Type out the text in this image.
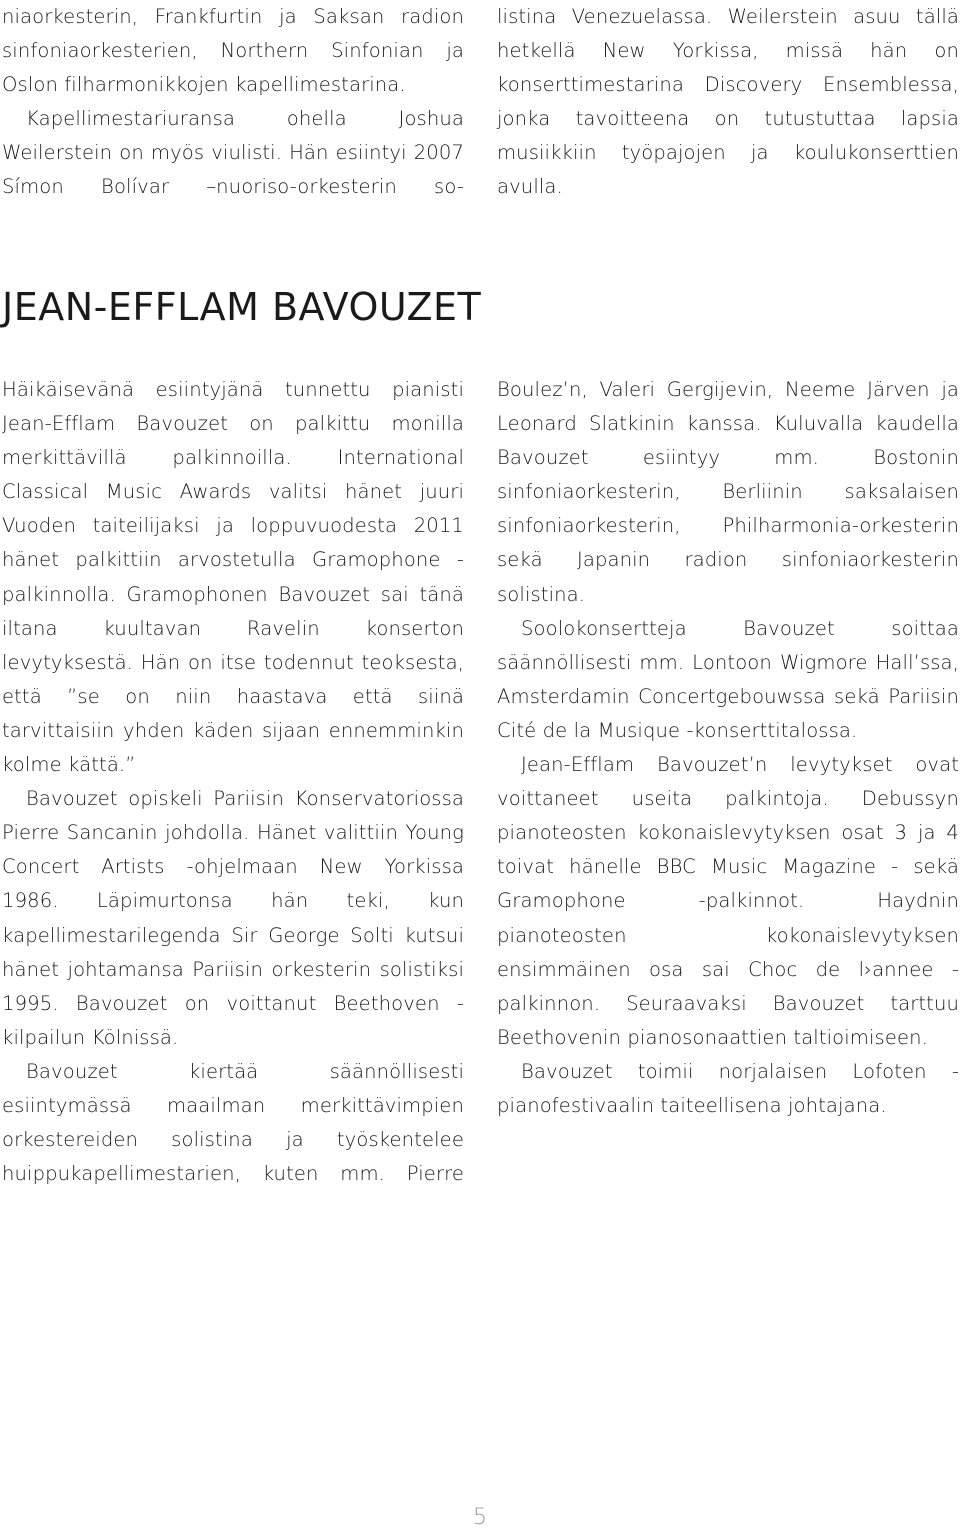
niaorkesterin, Frankfurtin ja Saksan radion sinfoniaorkesterien, Northern Sinfonian ja Oslon filharmonikkojen kapellimestarina.

Kapellimestariuransa ohella Joshua Weilerstein on myös viulisti. Hän esiintyi 2007 Símon Bolívar –nuoriso-orkesterin so-

listina Venezuelassa. Weilerstein asuu tällä hetkellä New Yorkissa, missä hän on konserttimestarina Discovery Ensemblessa, jonka tavoitteena on tutustuttaa lapsia musiikkiin työpajojen ja koulukonserttien avulla.

JEAN-EFFLAM BAVOUZET

Häikäisevänä esiintyjänä tunnettu pianisti Jean-Efflam Bavouzet on palkittu monilla merkittävillä palkinnoilla. International Classical Music Awards valitsi hänet juuri Vuoden taiteilijaksi ja loppuvuodesta 2011 hänet palkittiin arvostetulla Gramophone -palkinnolla. Gramophonen Bavouzet sai tänä iltana kuultavan Ravelin konserton levytyksestä. Hän on itse todennut teoksesta, että ”se on niin haastava että siinä tarvittaisiin yhden käden sijaan ennemminkin kolme kättä.”

Bavouzet opiskeli Pariisin Konservatoriossa Pierre Sancanin johdolla. Hänet valittiin Young Concert Artists -ohjelmaan New Yorkissa 1986. Läpimurtonsa hän teki, kun kapellimestarilegenda Sir George Solti kutsui hänet johtamansa Pariisin orkesterin solistiksi 1995. Bavouzet on voittanut Beethoven -kilpailun Kölnissä.

Bavouzet kiertää säännöllisesti esiintymässä maailman merkittävimpien orkestereiden solistina ja työskentelee huippukapellimestarien, kuten mm. Pierre

Boulez’n, Valeri Gergijevin, Neeme Järven ja Leonard Slatkinin kanssa. Kuluvalla kaudella Bavouzet esiintyy mm. Bostonin sinfoniaorkesterin, Berliinin saksalaisen sinfoniaorkesterin, Philharmonia-orkesterin sekä Japanin radion sinfoniaorkesterin solistina.

Soolokonsertteja Bavouzet soittaa säännöllisesti mm. Lontoon Wigmore Hall’ssa, Amsterdamin Concertgebouwssa sekä Pariisin Cité de la Musique -konserttitalossa.

Jean-Efflam Bavouzet’n levytykset ovat voittaneet useita palkintoja. Debussyn pianoteosten kokonaislevytyksen osat 3 ja 4 toivat hänelle BBC Music Magazine - sekä Gramophone -palkinnot. Haydnin pianoteosten kokonaislevytyksen ensimmäinen osa sai Choc de l›annee -palkinnon. Seuraavaksi Bavouzet tarttuu Beethovenin pianosonaattien taltioimiseen.

Bavouzet toimii norjalaisen Lofoten -pianofestivaalin taiteellisena johtajana.

5
